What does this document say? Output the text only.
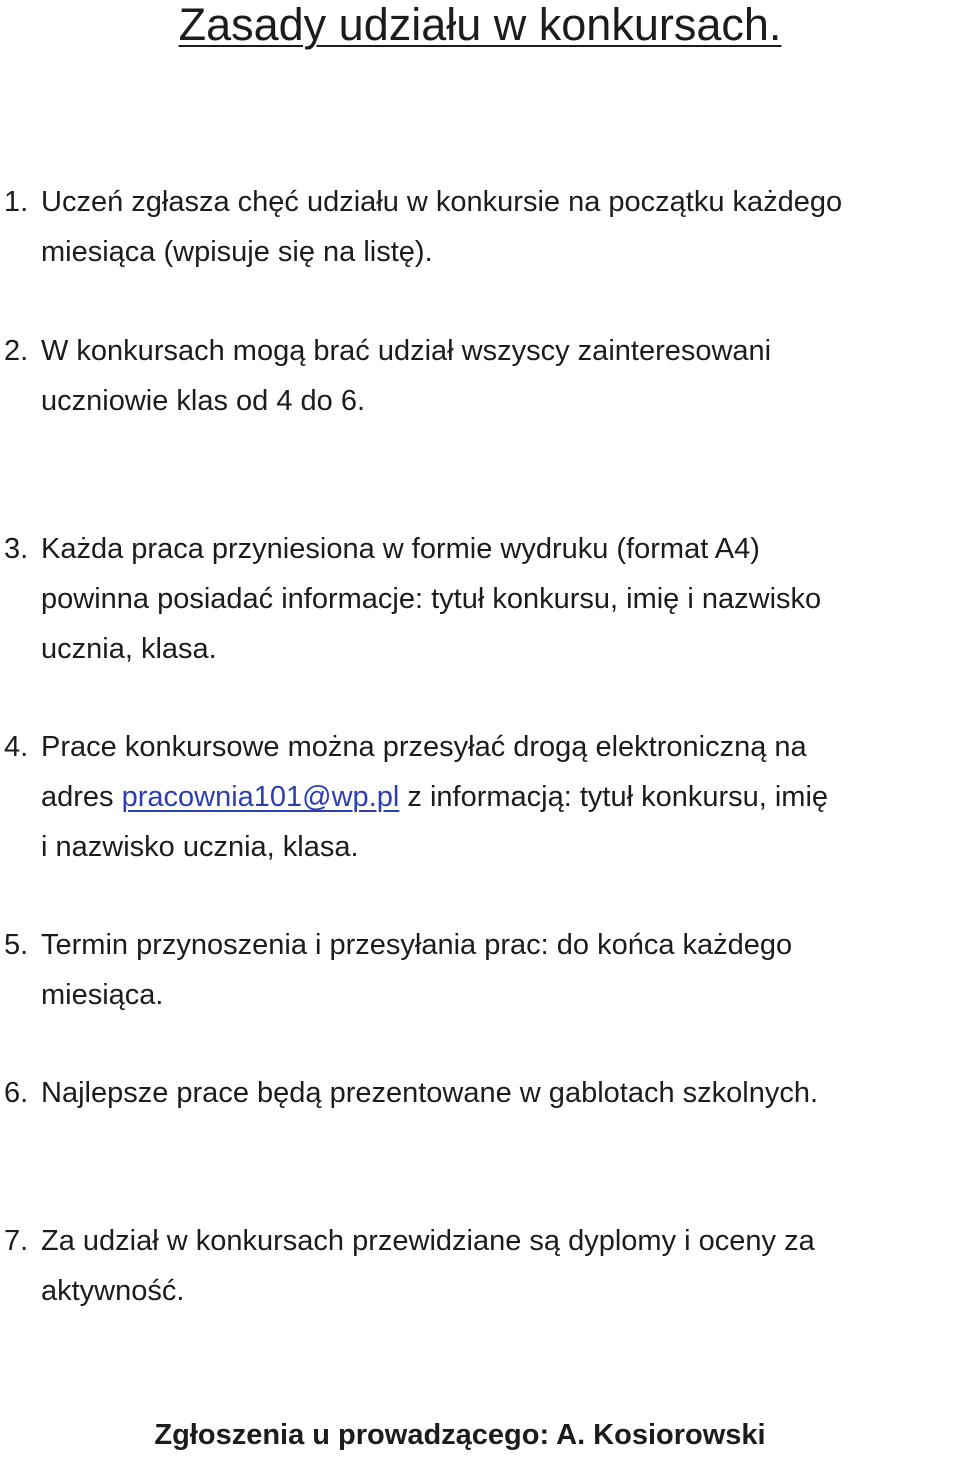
Zasady udziału w konkursach.
1. Uczeń zgłasza chęć udziału w konkursie na początku każdego
miesiąca (wpisuje się na listę).
2. W konkursach mogą brać udział wszyscy zainteresowani
uczniowie klas od 4 do 6.
3. Każda praca przyniesiona w formie wydruku (format A4)
powinna posiadać informacje: tytuł konkursu, imię i nazwisko
ucznia, klasa.
4. Prace konkursowe można przesyłać drogą elektroniczną na
adres pracownia101@wp.pl z informacją: tytuł konkursu, imię
i nazwisko ucznia, klasa.
5. Termin przynoszenia i przesyłania prac: do końca każdego
miesiąca.
6. Najlepsze prace będą prezentowane w gablotach szkolnych.
7. Za udział w konkursach przewidziane są dyplomy i oceny za
aktywność.
Zgłoszenia u prowadzącego: A. Kosiorowski
